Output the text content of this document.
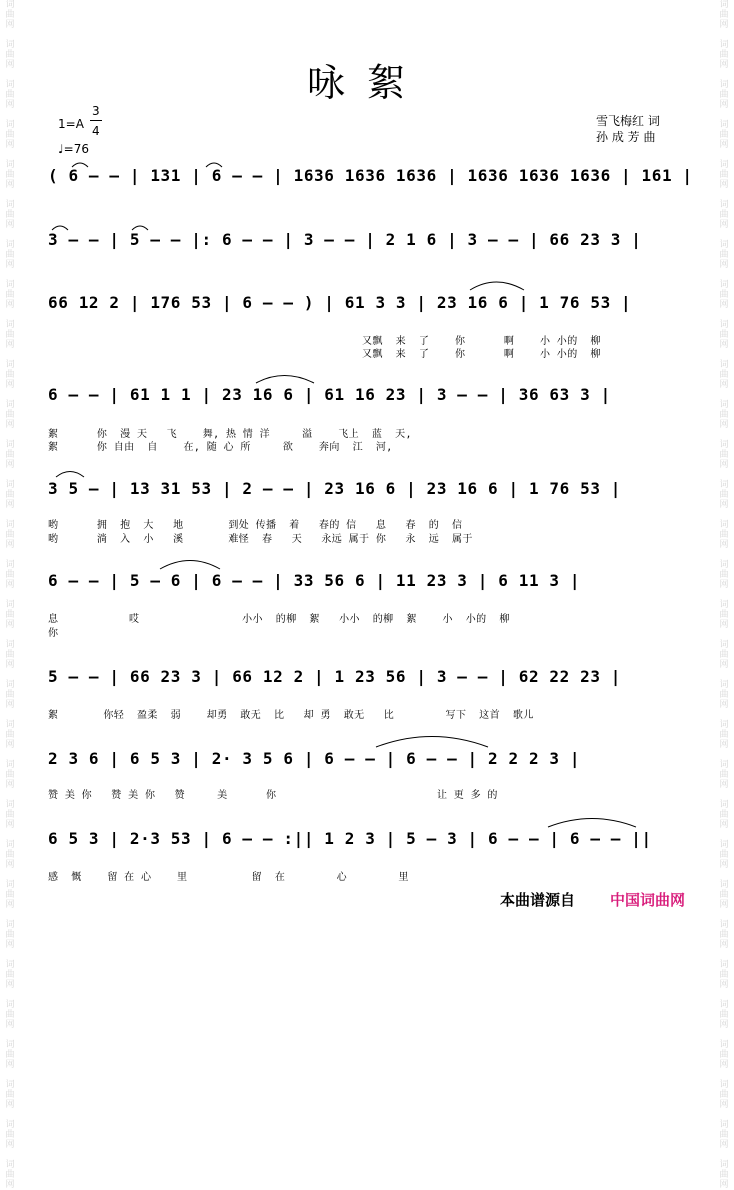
词
曲
网

词
曲
网

词
曲
网

词
曲
网

词
曲
网

词
曲
网

词
曲
网

词
曲
网

词
曲
网

词
曲
网

词
曲
网

词
曲
网

词
曲
网

词
曲
网

词
曲
网

词
曲
网

词
曲
网

词
曲
网

词
曲
网

词
曲
网

词
曲
网

词
曲
网

词
曲
网

词
曲
网

词
曲
网

词
曲
网

词
曲
网

词
曲
网

词
曲
网

词
曲
网

词
曲
网

词
曲
网

词
曲
网

词
曲
网

词
曲
网

词
曲
网

词
曲
网

词
曲
网

词
曲
网

词
曲
网

词
曲
网

词
曲
网

词
曲
网

词
曲
网

词
曲
网

词
曲
网

词
曲
网

词
曲
网

词
曲
网

词
曲
网

词
曲
网

词
曲
网

词
曲
网

词
曲
网

词
曲
网

词
曲
网

词
曲
网

词
曲
网

词
曲
网

词
曲
网

咏絮
1=A
3
4
♩=76
雪飞梅红 词
孙 成 芳 曲
( 6 — — | 131 | 6 — — | 1636 1636 1636 | 1636 1636 1636 | 161 |
3 — — | 5 — — |: 6 — — | 3 — — | 2 1 6 | 3 — — | 66 23 3 |
66 12 2 | 176 53 | 6 — — ) | 61 3 3 | 23 16 6 | 1 76 53 |
又飘  来  了    你      啊    小 小的  柳
又飘  来  了    你      啊    小 小的  柳
6 — — | 61 1 1 | 23 16 6 | 61 16 23 | 3 — — | 36 63 3 |
絮      你  漫 天   飞    舞, 热 情 洋     溢    飞上  蓝  天,
絮      你 自由  自    在, 随 心 所     欲    奔向  江  河,
3 5 — | 13 31 53 | 2 — — | 23 16 6 | 23 16 6 | 1 76 53 |
哟      拥  抱  大   地       到处 传播  着   春的 信   息   春  的  信
哟      淌  入  小   溪       难怪  春   天   永远 属于 你   永  远  属于
6 — — | 5 — 6 | 6 — — | 33 56 6 | 11 23 3 | 6 11 3 |
息           哎                小小  的柳  絮   小小  的柳  絮    小  小的  柳
你
5 — — | 66 23 3 | 66 12 2 | 1 23 56 | 3 — — | 62 22 23 |
絮       你轻  盈柔  弱    却勇  敢无  比   却 勇  敢无   比        写下  这首  歌儿
2 3 6 | 6 5 3 | 2· 3 5 6 | 6 — — | 6 — — | 2 2 2 3 |
赞 美 你   赞 美 你   赞     美      你                         让 更 多 的
6 5 3 | 2·3 53 | 6 — — :|| 1 2 3 | 5 — 3 | 6 — — | 6 — — ||
感  慨    留 在 心    里          留  在        心        里
本曲谱源自 中国词曲网
